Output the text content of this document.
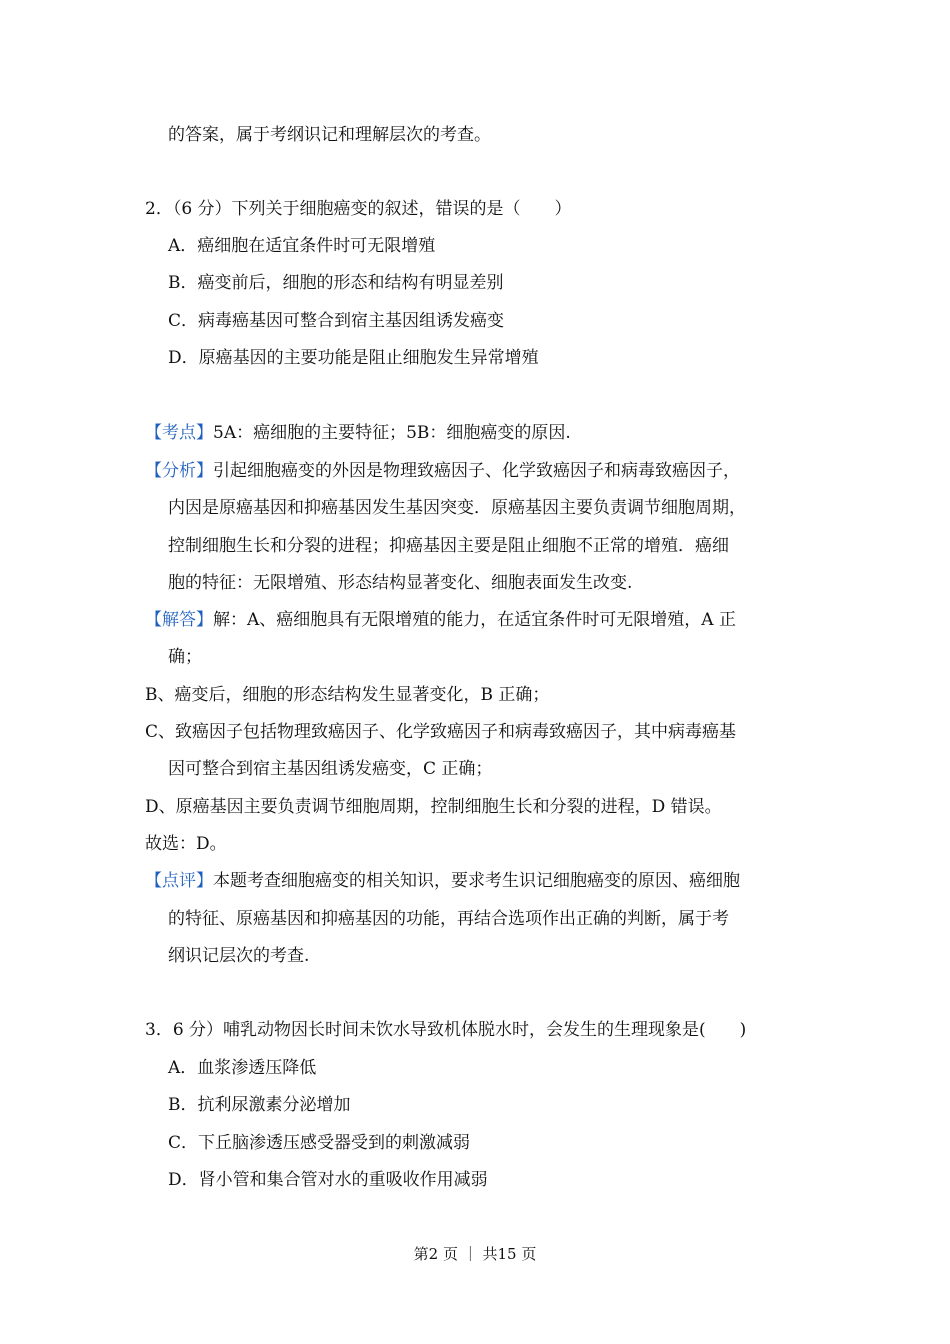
的答案，属于考纲识记和理解层次的考查。
2．（6 分）下列关于细胞癌变的叙述，错误的是（　　）
A．癌细胞在适宜条件时可无限增殖
B．癌变前后，细胞的形态和结构有明显差别
C．病毒癌基因可整合到宿主基因组诱发癌变
D．原癌基因的主要功能是阻止细胞发生异常增殖
【考点】5A：癌细胞的主要特征；5B：细胞癌变的原因.
【分析】引起细胞癌变的外因是物理致癌因子、化学致癌因子和病毒致癌因子，
内因是原癌基因和抑癌基因发生基因突变．原癌基因主要负责调节细胞周期，
控制细胞生长和分裂的进程；抑癌基因主要是阻止细胞不正常的增殖．癌细
胞的特征：无限增殖、形态结构显著变化、细胞表面发生改变.
【解答】解：A、癌细胞具有无限增殖的能力，在适宜条件时可无限增殖，A 正
确；
B、癌变后，细胞的形态结构发生显著变化，B 正确；
C、致癌因子包括物理致癌因子、化学致癌因子和病毒致癌因子，其中病毒癌基
因可整合到宿主基因组诱发癌变，C 正确；
D、原癌基因主要负责调节细胞周期，控制细胞生长和分裂的进程，D 错误。
故选：D。
【点评】本题考查细胞癌变的相关知识，要求考生识记细胞癌变的原因、癌细胞
的特征、原癌基因和抑癌基因的功能，再结合选项作出正确的判断，属于考
纲识记层次的考查.
3．6 分）哺乳动物因长时间未饮水导致机体脱水时，会发生的生理现象是(　　)
A．血浆渗透压降低
B．抗利尿激素分泌增加
C．下丘脑渗透压感受器受到的刺激减弱
D．肾小管和集合管对水的重吸收作用减弱
第2 页 ｜ 共15 页
